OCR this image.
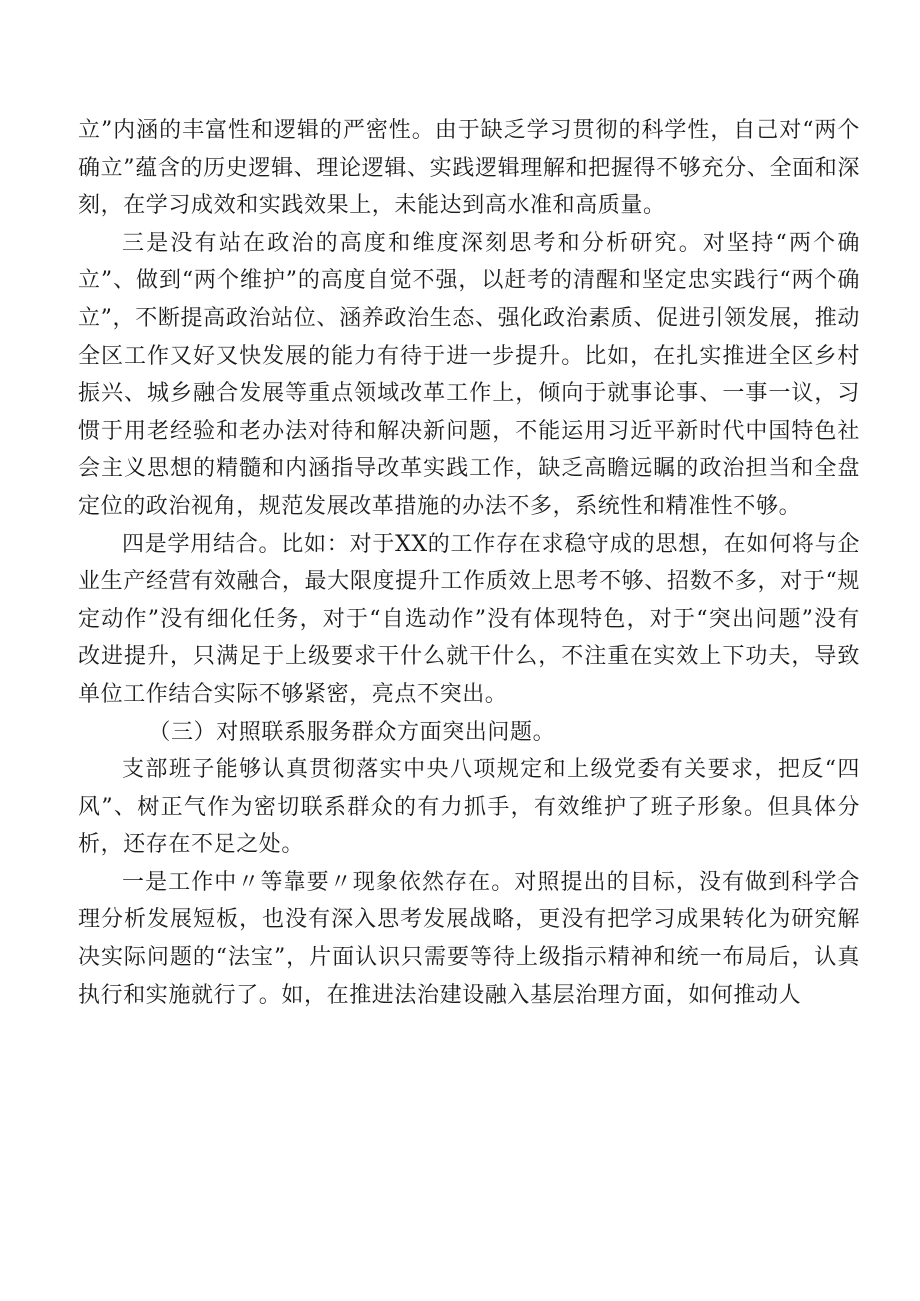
立”内涵的丰富性和逻辑的严密性。由于缺乏学习贯彻的科学性，自己对“两个确立”蕴含的历史逻辑、理论逻辑、实践逻辑理解和把握得不够充分、全面和深刻，在学习成效和实践效果上，未能达到高水准和高质量。

三是没有站在政治的高度和维度深刻思考和分析研究。对坚持“两个确立”、做到“两个维护”的高度自觉不强，以赶考的清醒和坚定忠实践行“两个确立”，不断提高政治站位、涵养政治生态、强化政治素质、促进引领发展，推动全区工作又好又快发展的能力有待于进一步提升。比如，在扎实推进全区乡村振兴、城乡融合发展等重点领域改革工作上，倾向于就事论事、一事一议，习惯于用老经验和老办法对待和解决新问题，不能运用习近平新时代中国特色社会主义思想的精髓和内涵指导改革实践工作，缺乏高瞻远瞩的政治担当和全盘定位的政治视角，规范发展改革措施的办法不多，系统性和精准性不够。

四是学用结合。比如：对于XX的工作存在求稳守成的思想，在如何将与企业生产经营有效融合，最大限度提升工作质效上思考不够、招数不多，对于“规定动作”没有细化任务，对于“自选动作”没有体现特色，对于“突出问题”没有改进提升，只满足于上级要求干什么就干什么，不注重在实效上下功夫，导致单位工作结合实际不够紧密，亮点不突出。

（三）对照联系服务群众方面突出问题。

支部班子能够认真贯彻落实中央八项规定和上级党委有关要求，把反“四风”、树正气作为密切联系群众的有力抓手，有效维护了班子形象。但具体分析，还存在不足之处。

一是工作中〃等靠要〃现象依然存在。对照提出的目标，没有做到科学合理分析发展短板，也没有深入思考发展战略，更没有把学习成果转化为研究解决实际问题的“法宝”，片面认识只需要等待上级指示精神和统一布局后，认真执行和实施就行了。如，在推进法治建设融入基层治理方面，如何推动人
